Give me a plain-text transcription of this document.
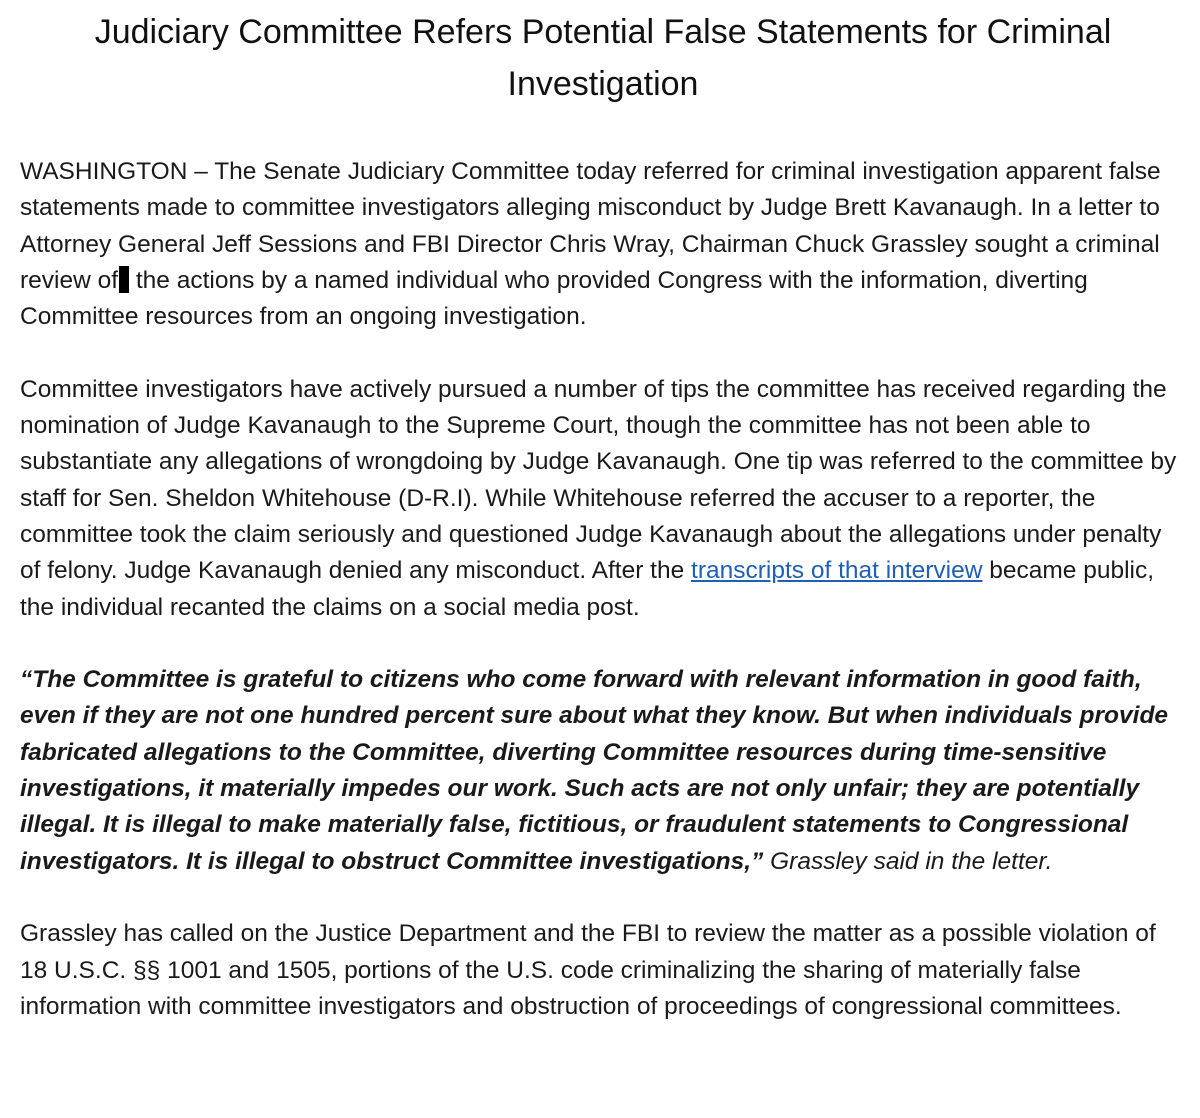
Judiciary Committee Refers Potential False Statements for Criminal Investigation

WASHINGTON – The Senate Judiciary Committee today referred for criminal investigation apparent false statements made to committee investigators alleging misconduct by Judge Brett Kavanaugh. In a letter to Attorney General Jeff Sessions and FBI Director Chris Wray, Chairman Chuck Grassley sought a criminal review of the actions by a named individual who provided Congress with the information, diverting Committee resources from an ongoing investigation.

Committee investigators have actively pursued a number of tips the committee has received regarding the nomination of Judge Kavanaugh to the Supreme Court, though the committee has not been able to substantiate any allegations of wrongdoing by Judge Kavanaugh. One tip was referred to the committee by staff for Sen. Sheldon Whitehouse (D-R.I). While Whitehouse referred the accuser to a reporter, the committee took the claim seriously and questioned Judge Kavanaugh about the allegations under penalty of felony. Judge Kavanaugh denied any misconduct. After the transcripts of that interview became public, the individual recanted the claims on a social media post.

“The Committee is grateful to citizens who come forward with relevant information in good faith, even if they are not one hundred percent sure about what they know. But when individuals provide fabricated allegations to the Committee, diverting Committee resources during time-sensitive investigations, it materially impedes our work. Such acts are not only unfair; they are potentially illegal. It is illegal to make materially false, fictitious, or fraudulent statements to Congressional investigators. It is illegal to obstruct Committee investigations,” Grassley said in the letter.

Grassley has called on the Justice Department and the FBI to review the matter as a possible violation of 18 U.S.C. §§ 1001 and 1505, portions of the U.S. code criminalizing the sharing of materially false information with committee investigators and obstruction of proceedings of congressional committees.
